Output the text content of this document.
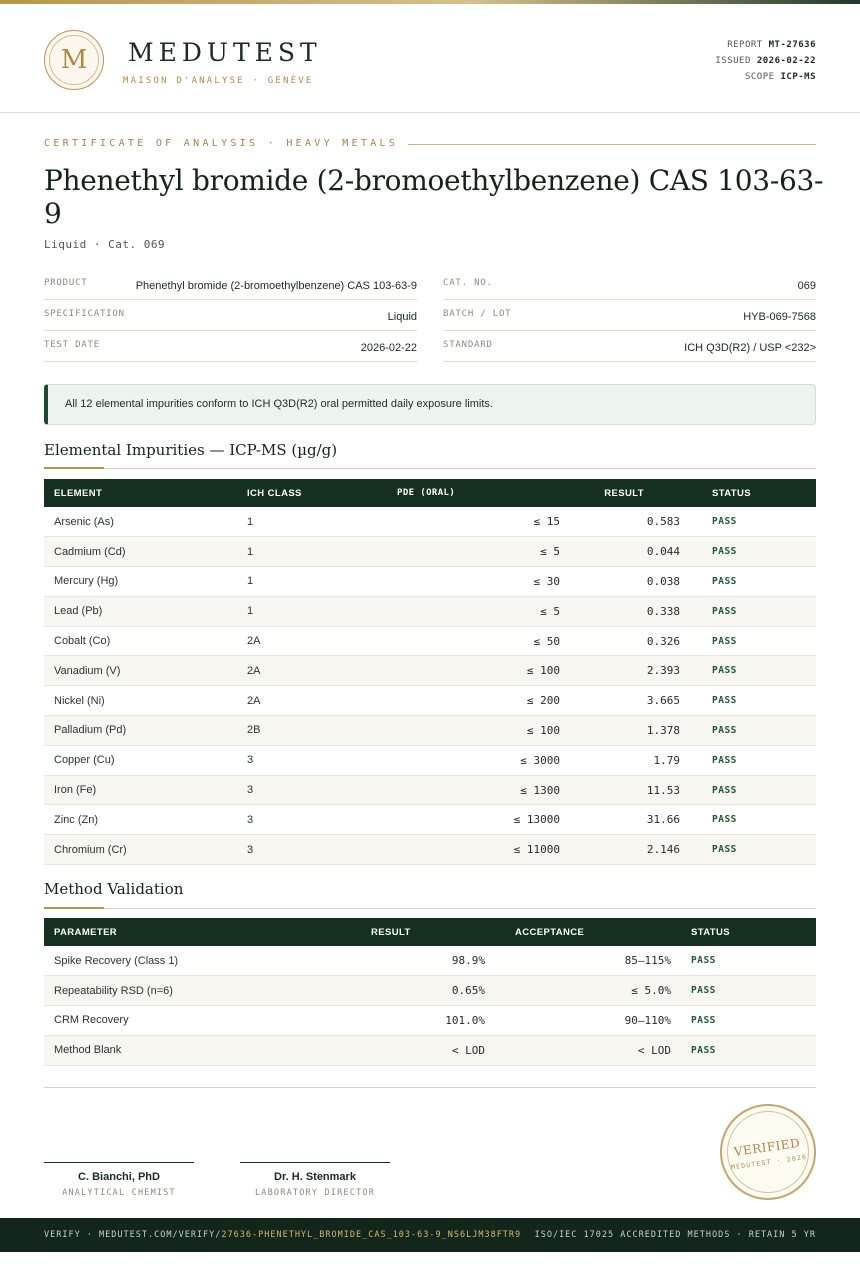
M	MEDUTEST
MAISON D'ANALYSE · GENÈVE
REPORT MT-27636
ISSUED 2026-02-22
SCOPE ICP-MS
CERTIFICATE OF ANALYSIS · HEAVY METALS
Phenethyl bromide (2-bromoethylbenzene) CAS 103-63-9
Liquid · Cat. 069
PRODUCT	Phenethyl bromide (2-bromoethylbenzene) CAS 103-63-9
SPECIFICATION	Liquid
TEST DATE	2026-02-22
CAT. NO.	069
BATCH / LOT	HYB-069-7568
STANDARD	ICH Q3D(R2) / USP <232>
All 12 elemental impurities conform to ICH Q3D(R2) oral permitted daily exposure limits.
Elemental Impurities — ICP-MS (µg/g)
ELEMENT	ICH CLASS	PDE (ORAL)	RESULT	STATUS
Arsenic (As)	1	≤ 15	0.583	PASS
Cadmium (Cd)	1	≤ 5	0.044	PASS
Mercury (Hg)	1	≤ 30	0.038	PASS
Lead (Pb)	1	≤ 5	0.338	PASS
Cobalt (Co)	2A	≤ 50	0.326	PASS
Vanadium (V)	2A	≤ 100	2.393	PASS
Nickel (Ni)	2A	≤ 200	3.665	PASS
Palladium (Pd)	2B	≤ 100	1.378	PASS
Copper (Cu)	3	≤ 3000	1.79	PASS
Iron (Fe)	3	≤ 1300	11.53	PASS
Zinc (Zn)	3	≤ 13000	31.66	PASS
Chromium (Cr)	3	≤ 11000	2.146	PASS
Method Validation
PARAMETER	RESULT	ACCEPTANCE	STATUS
Spike Recovery (Class 1)	98.9%	85–115%	PASS
Repeatability RSD (n=6)	0.65%	≤ 5.0%	PASS
CRM Recovery	101.0%	90–110%	PASS
Method Blank	< LOD	< LOD	PASS
C. Bianchi, PhD
ANALYTICAL CHEMIST
Dr. H. Stenmark
LABORATORY DIRECTOR
VERIFIED
MEDUTEST · 2026
VERIFY · MEDUTEST.COM/VERIFY/27636-PHENETHYL_BROMIDE_CAS_103-63-9_NS6LJM38FTR9 ISO/IEC 17025 ACCREDITED METHODS · RETAIN 5 YR
